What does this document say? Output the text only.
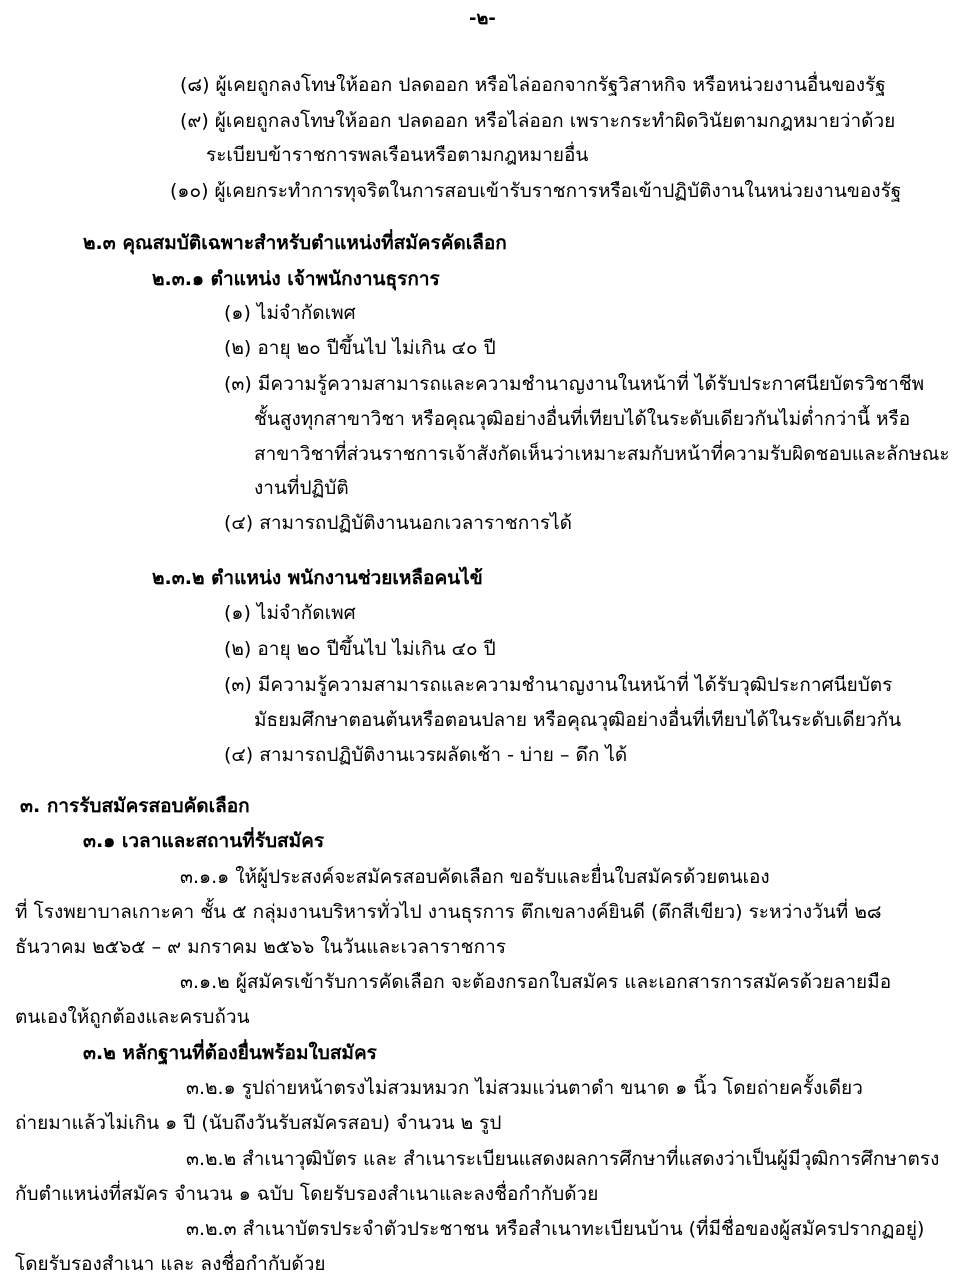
-๒-
(๘) ผู้เคยถูกลงโทษให้ออก ปลดออก หรือไล่ออกจากรัฐวิสาหกิจ หรือหน่วยงานอื่นของรัฐ
(๙) ผู้เคยถูกลงโทษให้ออก ปลดออก หรือไล่ออก เพราะกระทำผิดวินัยตามกฎหมายว่าด้วย
ระเบียบข้าราชการพลเรือนหรือตามกฎหมายอื่น
(๑๐) ผู้เคยกระทำการทุจริตในการสอบเข้ารับราชการหรือเข้าปฏิบัติงานในหน่วยงานของรัฐ
๒.๓ คุณสมบัติเฉพาะสำหรับตำแหน่งที่สมัครคัดเลือก
๒.๓.๑ ตำแหน่ง เจ้าพนักงานธุรการ
(๑) ไม่จำกัดเพศ
(๒) อายุ ๒๐ ปีขึ้นไป ไม่เกิน ๔๐ ปี
(๓) มีความรู้ความสามารถและความชำนาญงานในหน้าที่ ได้รับประกาศนียบัตรวิชาชีพ
ชั้นสูงทุกสาขาวิชา หรือคุณวุฒิอย่างอื่นที่เทียบได้ในระดับเดียวกันไม่ต่ำกว่านี้ หรือ
สาขาวิชาที่ส่วนราชการเจ้าสังกัดเห็นว่าเหมาะสมกับหน้าที่ความรับผิดชอบและลักษณะ
งานที่ปฏิบัติ
(๔) สามารถปฏิบัติงานนอกเวลาราชการได้
๒.๓.๒ ตำแหน่ง พนักงานช่วยเหลือคนไข้
(๑) ไม่จำกัดเพศ
(๒) อายุ ๒๐ ปีขึ้นไป ไม่เกิน ๔๐ ปี
(๓) มีความรู้ความสามารถและความชำนาญงานในหน้าที่ ได้รับวุฒิประกาศนียบัตร
มัธยมศึกษาตอนต้นหรือตอนปลาย หรือคุณวุฒิอย่างอื่นที่เทียบได้ในระดับเดียวกัน
(๔) สามารถปฏิบัติงานเวรผลัดเช้า - บ่าย – ดึก ได้
๓. การรับสมัครสอบคัดเลือก
๓.๑ เวลาและสถานที่รับสมัคร
๓.๑.๑ ให้ผู้ประสงค์จะสมัครสอบคัดเลือก ขอรับและยื่นใบสมัครด้วยตนเอง
ที่ โรงพยาบาลเกาะคา ชั้น ๕ กลุ่มงานบริหารทั่วไป งานธุรการ ตึกเขลางค์ยินดี (ตึกสีเขียว) ระหว่างวันที่ ๒๘
ธันวาคม ๒๕๖๕ – ๙ มกราคม ๒๕๖๖ ในวันและเวลาราชการ
๓.๑.๒ ผู้สมัครเข้ารับการคัดเลือก จะต้องกรอกใบสมัคร และเอกสารการสมัครด้วยลายมือ
ตนเองให้ถูกต้องและครบถ้วน
๓.๒ หลักฐานที่ต้องยื่นพร้อมใบสมัคร
๓.๒.๑ รูปถ่ายหน้าตรงไม่สวมหมวก ไม่สวมแว่นตาดำ ขนาด ๑ นิ้ว โดยถ่ายครั้งเดียว
ถ่ายมาแล้วไม่เกิน ๑ ปี (นับถึงวันรับสมัครสอบ) จำนวน ๒ รูป
๓.๒.๒ สำเนาวุฒิบัตร และ สำเนาระเบียนแสดงผลการศึกษาที่แสดงว่าเป็นผู้มีวุฒิการศึกษาตรง
กับตำแหน่งที่สมัคร จำนวน ๑ ฉบับ โดยรับรองสำเนาและลงชื่อกำกับด้วย
๓.๒.๓ สำเนาบัตรประจำตัวประชาชน หรือสำเนาทะเบียนบ้าน (ที่มีชื่อของผู้สมัครปรากฏอยู่)
โดยรับรองสำเนา และ ลงชื่อกำกับด้วย
